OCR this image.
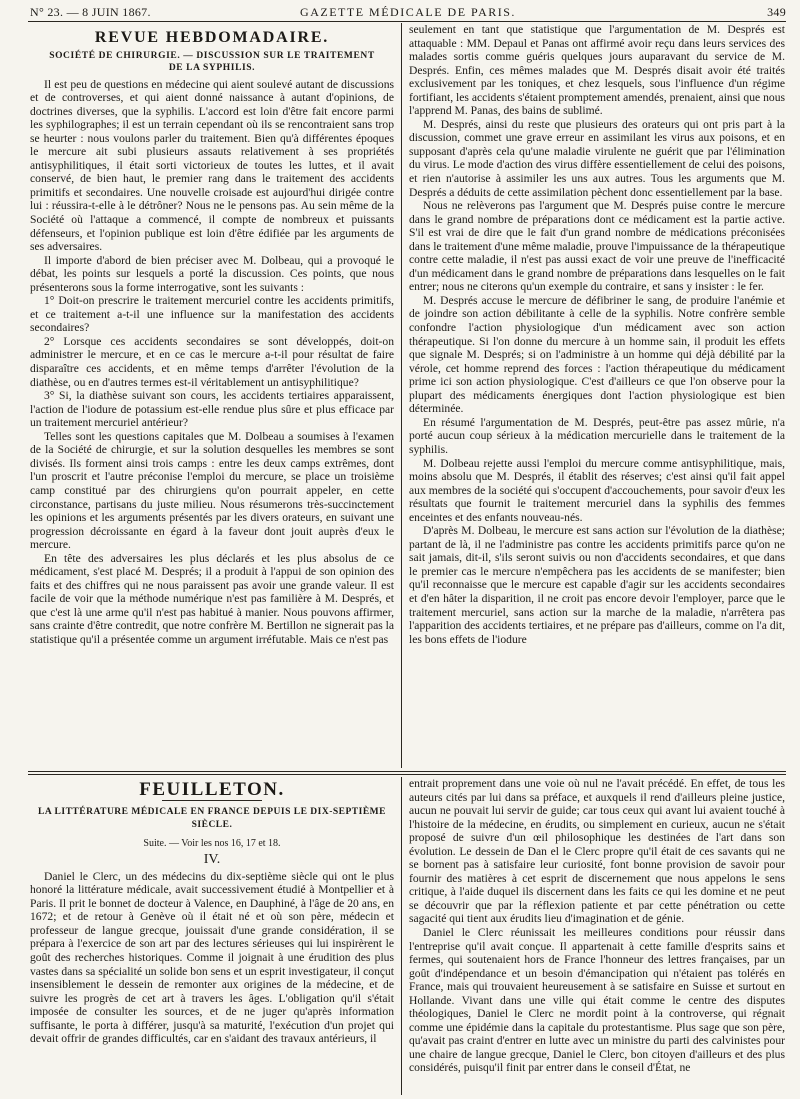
N° 23. — 8 JUIN 1867.	GAZETTE MÉDICALE DE PARIS.	349
REVUE HEBDOMADAIRE.
SOCIÉTÉ DE CHIRURGIE. — DISCUSSION SUR LE TRAITEMENT
DE LA SYPHILIS.

Il est peu de questions en médecine qui aient soulevé autant de discussions et de controverses, et qui aient donné naissance à autant d'opinions, de doctrines diverses, que la syphilis. L'accord est loin d'être fait encore parmi les syphilographes; il est un terrain cependant où ils se rencontraient sans trop se heurter : nous voulons parler du traitement. Bien qu'à différentes époques le mercure ait subi plusieurs assauts relativement à ses propriétés antisyphilitiques, il était sorti victorieux de toutes les luttes, et il avait conservé, de bien haut, le premier rang dans le traitement des accidents primitifs et secondaires. Une nouvelle croisade est aujourd'hui dirigée contre lui : réussira-t-elle à le détrôner? Nous ne le pensons pas. Au sein même de la Société où l'attaque a commencé, il compte de nombreux et puissants défenseurs, et l'opinion publique est loin d'être édifiée par les arguments de ses adversaires.

Il importe d'abord de bien préciser avec M. Dolbeau, qui a provoqué le débat, les points sur lesquels a porté la discussion. Ces points, que nous présenterons sous la forme interrogative, sont les suivants :

1° Doit-on prescrire le traitement mercuriel contre les accidents primitifs, et ce traitement a-t-il une influence sur la manifestation des accidents secondaires?

2° Lorsque ces accidents secondaires se sont développés, doit-on administrer le mercure, et en ce cas le mercure a-t-il pour résultat de faire disparaître ces accidents, et en même temps d'arrêter l'évolution de la diathèse, ou en d'autres termes est-il véritablement un antisyphilitique?

3° Si, la diathèse suivant son cours, les accidents tertiaires apparaissent, l'action de l'iodure de potassium est-elle rendue plus sûre et plus efficace par un traitement mercuriel antérieur?

Telles sont les questions capitales que M. Dolbeau a soumises à l'examen de la Société de chirurgie, et sur la solution desquelles les membres se sont divisés. Ils forment ainsi trois camps : entre les deux camps extrêmes, dont l'un proscrit et l'autre préconise l'emploi du mercure, se place un troisième camp constitué par des chirurgiens qu'on pourrait appeler, en cette circonstance, partisans du juste milieu. Nous résumerons très-succinctement les opinions et les arguments présentés par les divers orateurs, en suivant une progression décroissante en égard à la faveur dont jouit auprès d'eux le mercure.

En tête des adversaires les plus déclarés et les plus absolus de ce médicament, s'est placé M. Després; il a produit à l'appui de son opinion des faits et des chiffres qui ne nous paraissent pas avoir une grande valeur. Il est facile de voir que la méthode numérique n'est pas familière à M. Després, et que c'est là une arme qu'il n'est pas habitué à manier. Nous pouvons affirmer, sans crainte d'être contredit, que notre confrère M. Bertillon ne signerait pas la statistique qu'il a présentée comme un argument irréfutable. Mais ce n'est pas

seulement en tant que statistique que l'argumentation de M. Després est attaquable : MM. Depaul et Panas ont affirmé avoir reçu dans leurs services des malades sortis comme guéris quelques jours auparavant du service de M. Després. Enfin, ces mêmes malades que M. Després disait avoir été traités exclusivement par les toniques, et chez lesquels, sous l'influence d'un régime fortifiant, les accidents s'étaient promptement amendés, prenaient, ainsi que nous l'apprend M. Panas, des bains de sublimé.

M. Després, ainsi du reste que plusieurs des orateurs qui ont pris part à la discussion, commet une grave erreur en assimilant les virus aux poisons, et en supposant d'après cela qu'une maladie virulente ne guérit que par l'élimination du virus. Le mode d'action des virus diffère essentiellement de celui des poisons, et rien n'autorise à assimiler les uns aux autres. Tous les arguments que M. Després a déduits de cette assimilation pèchent donc essentiellement par la base.

Nous ne relèverons pas l'argument que M. Després puise contre le mercure dans le grand nombre de préparations dont ce médicament est la partie active. S'il est vrai de dire que le fait d'un grand nombre de médications préconisées dans le traitement d'une même maladie, prouve l'impuissance de la thérapeutique contre cette maladie, il n'est pas aussi exact de voir une preuve de l'inefficacité d'un médicament dans le grand nombre de préparations dans lesquelles on le fait entrer; nous ne citerons qu'un exemple du contraire, et sans y insister : le fer.

M. Després accuse le mercure de défibriner le sang, de produire l'anémie et de joindre son action débilitante à celle de la syphilis. Notre confrère semble confondre l'action physiologique d'un médicament avec son action thérapeutique. Si l'on donne du mercure à un homme sain, il produit les effets que signale M. Després; si on l'administre à un homme qui déjà débilité par la vérole, cet homme reprend des forces : l'action thérapeutique du médicament prime ici son action physiologique. C'est d'ailleurs ce que l'on observe pour la plupart des médicaments énergiques dont l'action physiologique est bien déterminée.

En résumé l'argumentation de M. Després, peut-être pas assez mûrie, n'a porté aucun coup sérieux à la médication mercurielle dans le traitement de la syphilis.

M. Dolbeau rejette aussi l'emploi du mercure comme antisyphilitique, mais, moins absolu que M. Després, il établit des réserves; c'est ainsi qu'il fait appel aux membres de la société qui s'occupent d'accouchements, pour savoir d'eux les résultats que fournit le traitement mercuriel dans la syphilis des femmes enceintes et des enfants nouveau-nés.

D'après M. Dolbeau, le mercure est sans action sur l'évolution de la diathèse; partant de là, il ne l'administre pas contre les accidents primitifs parce qu'on ne sait jamais, dit-il, s'ils seront suivis ou non d'accidents secondaires, et que dans le premier cas le mercure n'empêchera pas les accidents de se manifester; bien qu'il reconnaisse que le mercure est capable d'agir sur les accidents secondaires et d'en hâter la disparition, il ne croit pas encore devoir l'employer, parce que le traitement mercuriel, sans action sur la marche de la maladie, n'arrêtera pas l'apparition des accidents tertiaires, et ne prépare pas d'ailleurs, comme on l'a dit, les bons effets de l'iodure

FEUILLETON.
LA LITTÉRATURE MÉDICALE EN FRANCE DEPUIS LE DIX-SEPTIÈME SIÈCLE.
Suite. — Voir les nos 16, 17 et 18.
IV.

Daniel le Clerc, un des médecins du dix-septième siècle qui ont le plus honoré la littérature médicale, avait successivement étudié à Montpellier et à Paris. Il prit le bonnet de docteur à Valence, en Dauphiné, à l'âge de 20 ans, en 1672; et de retour à Genève où il était né et où son père, médecin et professeur de langue grecque, jouissait d'une grande considération, il se prépara à l'exercice de son art par des lectures sérieuses qui lui inspirèrent le goût des recherches historiques. Comme il joignait à une érudition des plus vastes dans sa spécialité un solide bon sens et un esprit investigateur, il conçut insensiblement le dessein de remonter aux origines de la médecine, et de suivre les progrès de cet art à travers les âges. L'obligation qu'il s'était imposée de consulter les sources, et de ne juger qu'après information suffisante, le porta à différer, jusqu'à sa maturité, l'exécution d'un projet qui devait offrir de grandes difficultés, car en s'aidant des travaux antérieurs, il

entrait proprement dans une voie où nul ne l'avait précédé. En effet, de tous les auteurs cités par lui dans sa préface, et auxquels il rend d'ailleurs pleine justice, aucun ne pouvait lui servir de guide; car tous ceux qui avant lui avaient touché à l'histoire de la médecine, en érudits, ou simplement en curieux, aucun ne s'était proposé de suivre d'un œil philosophique les destinées de l'art dans son évolution. Le dessein de Dan el le Clerc propre qu'il était de ces savants qui ne se bornent pas à satisfaire leur curiosité, font bonne provision de savoir pour fournir des matières à cet esprit de discernement que nous appelons le sens critique, à l'aide duquel ils discernent dans les faits ce qui les domine et ne peut se découvrir que par la réflexion patiente et par cette pénétration ou cette sagacité qui tient aux érudits lieu d'imagination et de génie.

Daniel le Clerc réunissait les meilleures conditions pour réussir dans l'entreprise qu'il avait conçue. Il appartenait à cette famille d'esprits sains et fermes, qui soutenaient hors de France l'honneur des lettres françaises, par un goût d'indépendance et un besoin d'émancipation qui n'étaient pas tolérés en France, mais qui trouvaient heureusement à se satisfaire en Suisse et surtout en Hollande. Vivant dans une ville qui était comme le centre des disputes théologiques, Daniel le Clerc ne mordit point à la controverse, qui régnait comme une épidémie dans la capitale du protestantisme. Plus sage que son père, qu'avait pas craint d'entrer en lutte avec un ministre du parti des calvinistes pour une chaire de langue grecque, Daniel le Clerc, bon citoyen d'ailleurs et des plus considérés, puisqu'il finit par entrer dans le conseil d'État, ne
